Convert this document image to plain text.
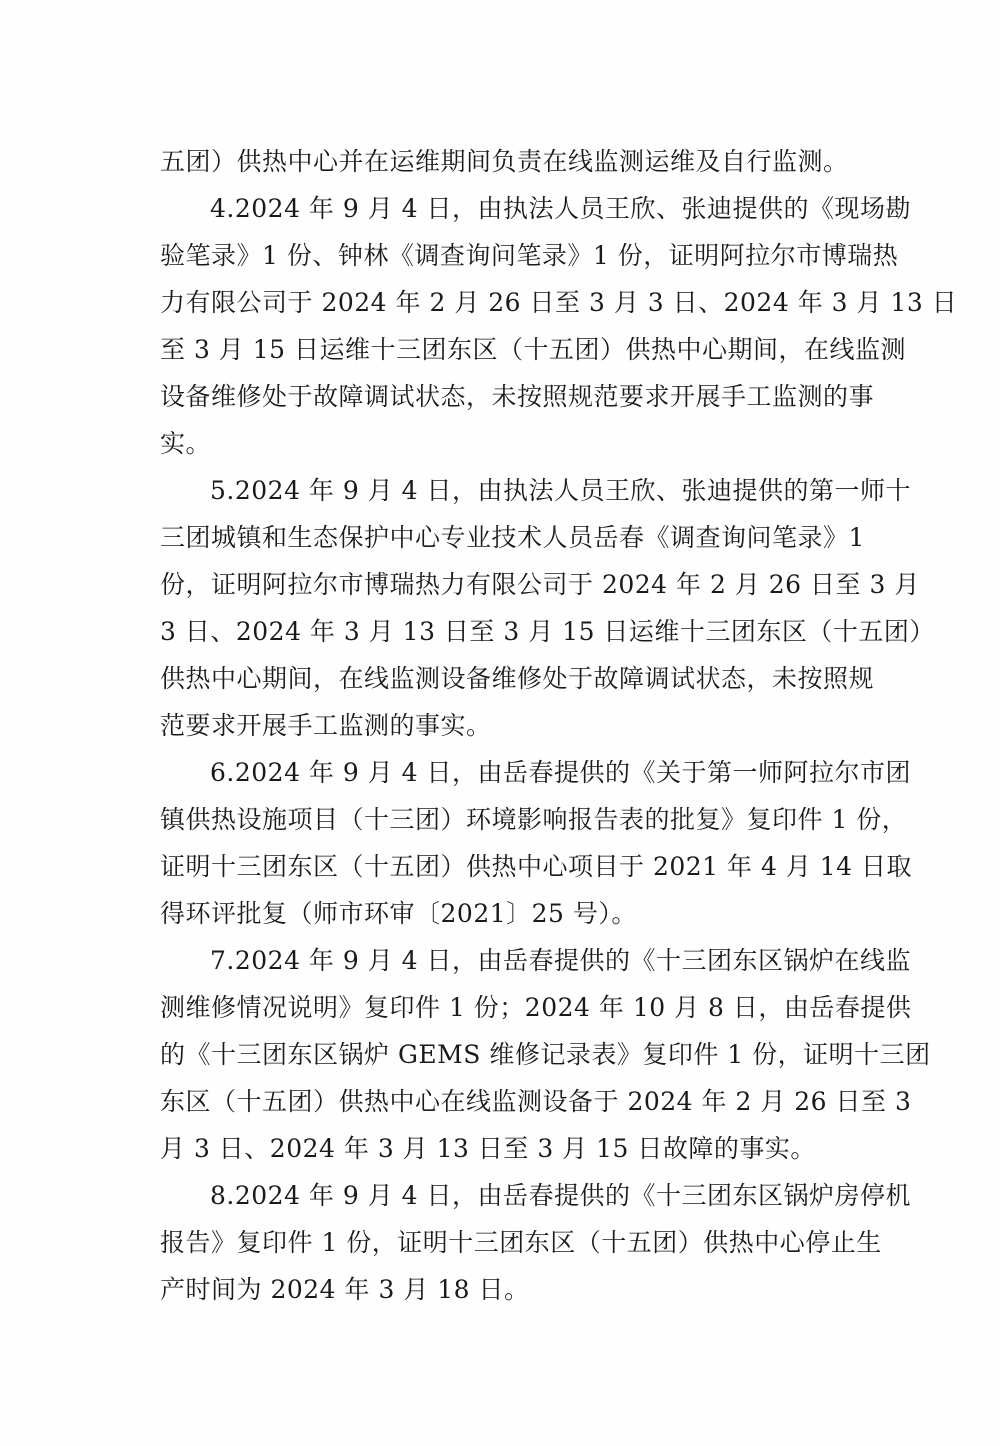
五团）供热中心并在运维期间负责在线监测运维及自行监测。

4.2024 年 9 月 4 日，由执法人员王欣、张迪提供的《现场勘
验笔录》1 份、钟林《调查询问笔录》1 份，证明阿拉尔市博瑞热
力有限公司于 2024 年 2 月 26 日至 3 月 3 日、2024 年 3 月 13 日
至 3 月 15 日运维十三团东区（十五团）供热中心期间，在线监测
设备维修处于故障调试状态，未按照规范要求开展手工监测的事
实。

5.2024 年 9 月 4 日，由执法人员王欣、张迪提供的第一师十
三团城镇和生态保护中心专业技术人员岳春《调查询问笔录》1
份，证明阿拉尔市博瑞热力有限公司于 2024 年 2 月 26 日至 3 月
3 日、2024 年 3 月 13 日至 3 月 15 日运维十三团东区（十五团）
供热中心期间，在线监测设备维修处于故障调试状态，未按照规
范要求开展手工监测的事实。

6.2024 年 9 月 4 日，由岳春提供的《关于第一师阿拉尔市团
镇供热设施项目（十三团）环境影响报告表的批复》复印件 1 份，
证明十三团东区（十五团）供热中心项目于 2021 年 4 月 14 日取
得环评批复（师市环审〔2021〕25 号）。

7.2024 年 9 月 4 日，由岳春提供的《十三团东区锅炉在线监
测维修情况说明》复印件 1 份；2024 年 10 月 8 日，由岳春提供
的《十三团东区锅炉 GEMS 维修记录表》复印件 1 份，证明十三团
东区（十五团）供热中心在线监测设备于 2024 年 2 月 26 日至 3
月 3 日、2024 年 3 月 13 日至 3 月 15 日故障的事实。

8.2024 年 9 月 4 日，由岳春提供的《十三团东区锅炉房停机
报告》复印件 1 份，证明十三团东区（十五团）供热中心停止生
产时间为 2024 年 3 月 18 日。
